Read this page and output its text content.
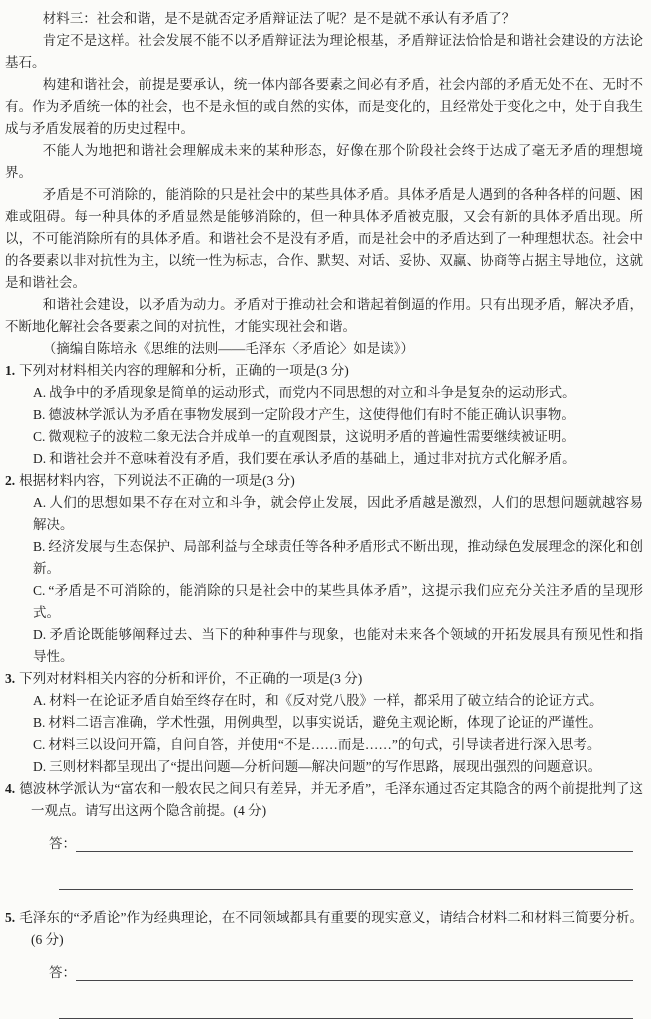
材料三：社会和谐，是不是就否定矛盾辩证法了呢？是不是就不承认有矛盾了？

肯定不是这样。社会发展不能不以矛盾辩证法为理论根基，矛盾辩证法恰恰是和谐社会建设的方法论基石。

构建和谐社会，前提是要承认，统一体内部各要素之间必有矛盾，社会内部的矛盾无处不在、无时不有。作为矛盾统一体的社会，也不是永恒的或自然的实体，而是变化的，且经常处于变化之中，处于自我生成与矛盾发展着的历史过程中。

不能人为地把和谐社会理解成未来的某种形态，好像在那个阶段社会终于达成了毫无矛盾的理想境界。

矛盾是不可消除的，能消除的只是社会中的某些具体矛盾。具体矛盾是人遇到的各种各样的问题、困难或阻碍。每一种具体的矛盾显然是能够消除的，但一种具体矛盾被克服，又会有新的具体矛盾出现。所以，不可能消除所有的具体矛盾。和谐社会不是没有矛盾，而是社会中的矛盾达到了一种理想状态。社会中的各要素以非对抗性为主，以统一性为标志，合作、默契、对话、妥协、双赢、协商等占据主导地位，这就是和谐社会。

和谐社会建设，以矛盾为动力。矛盾对于推动社会和谐起着倒逼的作用。只有出现矛盾，解决矛盾，不断地化解社会各要素之间的对抗性，才能实现社会和谐。

（摘编自陈培永《思维的法则——毛泽东〈矛盾论〉如是读》）

1. 下列对材料相关内容的理解和分析，正确的一项是(3 分)

A. 战争中的矛盾现象是简单的运动形式，而党内不同思想的对立和斗争是复杂的运动形式。

B. 德波林学派认为矛盾在事物发展到一定阶段才产生，这使得他们有时不能正确认识事物。

C. 微观粒子的波粒二象无法合并成单一的直观图景，这说明矛盾的普遍性需要继续被证明。

D. 和谐社会并不意味着没有矛盾，我们要在承认矛盾的基础上，通过非对抗方式化解矛盾。

2. 根据材料内容，下列说法不正确的一项是(3 分)

A. 人们的思想如果不存在对立和斗争，就会停止发展，因此矛盾越是激烈，人们的思想问题就越容易解决。

B. 经济发展与生态保护、局部利益与全球责任等各种矛盾形式不断出现，推动绿色发展理念的深化和创新。

C. “矛盾是不可消除的，能消除的只是社会中的某些具体矛盾”，这提示我们应充分关注矛盾的呈现形式。

D. 矛盾论既能够阐释过去、当下的种种事件与现象，也能对未来各个领域的开拓发展具有预见性和指导性。

3. 下列对材料相关内容的分析和评价，不正确的一项是(3 分)

A. 材料一在论证矛盾自始至终存在时，和《反对党八股》一样，都采用了破立结合的论证方式。

B. 材料二语言准确，学术性强，用例典型，以事实说话，避免主观论断，体现了论证的严谨性。

C. 材料三以设问开篇，自问自答，并使用“不是……而是……”的句式，引导读者进行深入思考。

D. 三则材料都呈现出了“提出问题—分析问题—解决问题”的写作思路，展现出强烈的问题意识。

4. 德波林学派认为“富农和一般农民之间只有差异，并无矛盾”，毛泽东通过否定其隐含的两个前提批判了这一观点。请写出这两个隐含前提。(4 分)

答：

5. 毛泽东的“矛盾论”作为经典理论，在不同领域都具有重要的现实意义，请结合材料二和材料三简要分析。(6 分)

答：
